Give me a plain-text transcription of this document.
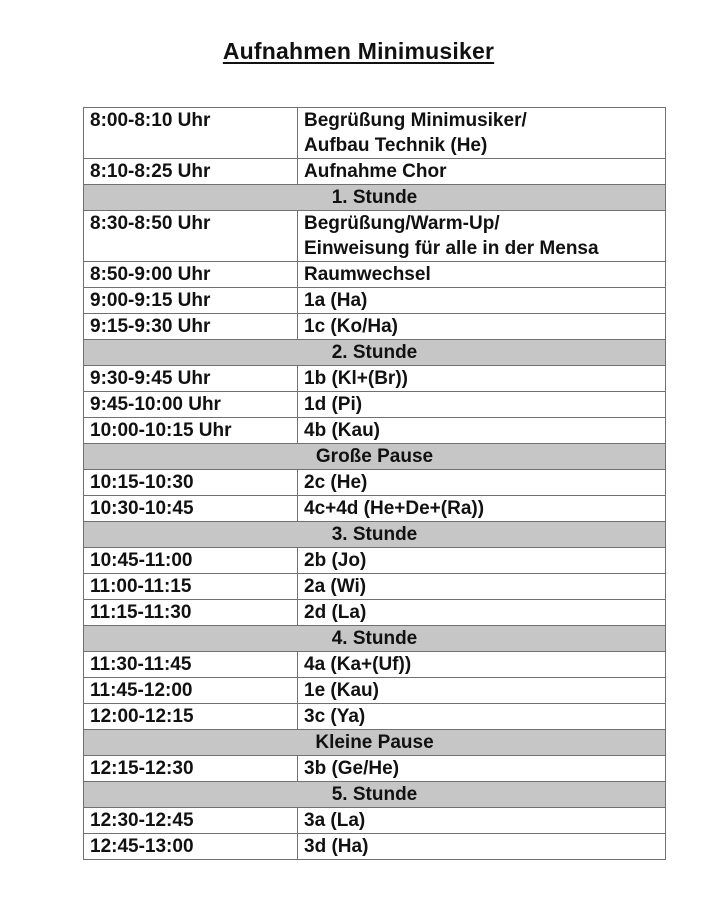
Aufnahmen Minimusiker
8:00-8:10 Uhr	Begrüßung Minimusiker/
Aufbau Technik (He)

8:10-8:25 Uhr	Aufnahme Chor

1. Stunde	
8:30-8:50 Uhr	Begrüßung/Warm-Up/
Einweisung für alle in der Mensa

8:50-9:00 Uhr	Raumwechsel

9:00-9:15 Uhr	1a (Ha)

9:15-9:30 Uhr	1c (Ko/Ha)

2. Stunde	
9:30-9:45 Uhr	1b (Kl+(Br))

9:45-10:00 Uhr	1d (Pi)

10:00-10:15 Uhr	4b (Kau)

Große Pause	
10:15-10:30	2c (He)

10:30-10:45	4c+4d (He+De+(Ra))

3. Stunde	
10:45-11:00	2b (Jo)

11:00-11:15	2a (Wi)

11:15-11:30	2d (La)

4. Stunde	
11:30-11:45	4a (Ka+(Uf))

11:45-12:00	1e (Kau)

12:00-12:15	3c (Ya)

Kleine Pause	
12:15-12:30	3b (Ge/He)

5. Stunde	
12:30-12:45	3a (La)

12:45-13:00	3d (Ha)
